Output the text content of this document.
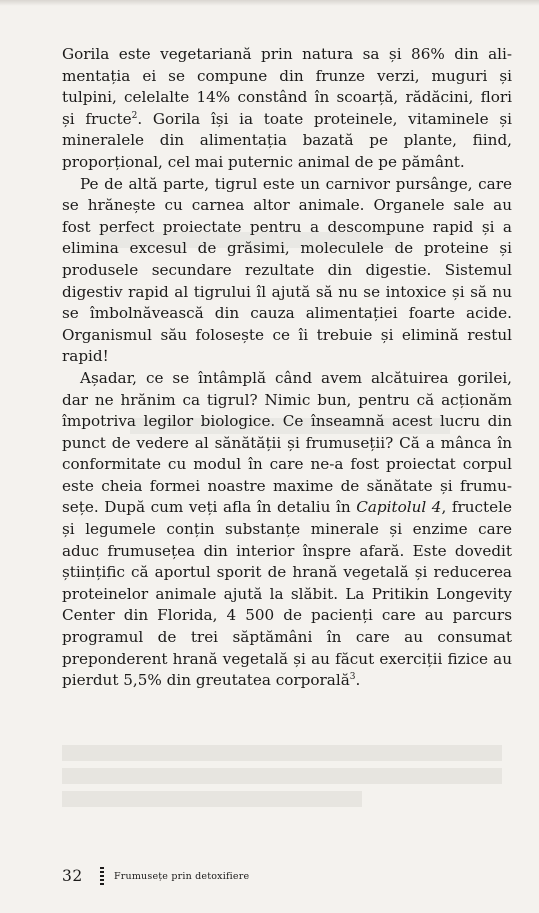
Gorila este vegetariană prin natura sa și 86% din alimentația ei se compune din frunze verzi, muguri și tulpini, celelalte 14% constând în scoarță, rădăcini, flori și fructe$^2$. Gorila își ia toate proteinele, vitaminele și mineralele din alimentația bazată pe plante, fiind, proporțional, cel mai puternic animal de pe pământ.

Pe de altă parte, tigrul este un carnivor pursânge, care se hrănește cu carnea altor animale. Organele sale au fost perfect proiectate pentru a descompune rapid și a elimina excesul de grăsimi, moleculele de proteine și produsele secundare rezultate din digestie. Sistemul digestiv rapid al tigrului îl ajută să nu se intoxice și să nu se îmbolnăvească din cauza alimentației foarte acide. Organismul său folosește ce îi trebuie și elimină restul rapid!

Așadar, ce se întâmplă când avem alcătuirea gorilei, dar ne hrănim ca tigrul? Nimic bun, pentru că acționăm împotriva legilor biologice. Ce înseamnă acest lucru din punct de vedere al sănătății și frumuseții? Că a mânca în conformitate cu modul în care ne-a fost proiectat corpul este cheia formei noastre maxime de sănătate și frumusețe. După cum veți afla în detaliu în Capitolul 4, fructele și legumele conțin substanțe minerale și enzime care aduc frumusețea din interior înspre afară. Este dovedit științific că aportul sporit de hrană vegetală și reducerea proteinelor animale ajută la slăbit. La Pritikin Longevity Center din Florida, 4 500 de pacienți care au parcurs programul de trei săptămâni în care au consumat preponderent hrană vegetală și au făcut exerciții fizice au pierdut 5,5% din greutatea corporală$^3$.

32	Frumusețe prin detoxifiere
